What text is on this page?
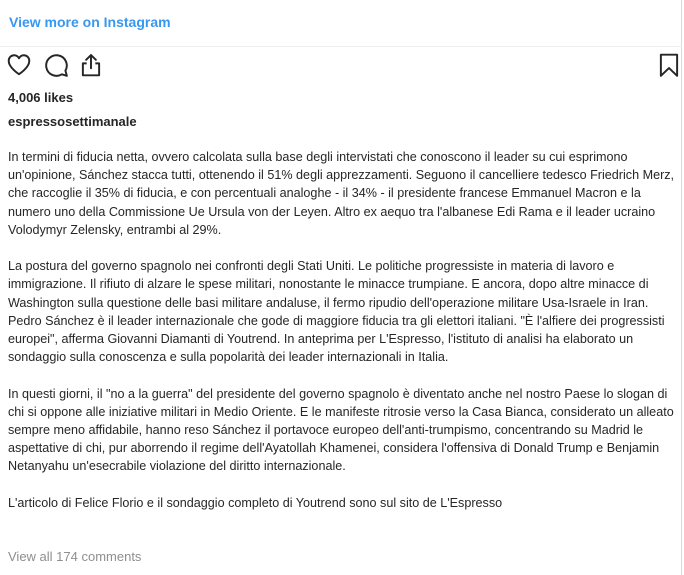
View more on Instagram
4,006 likes
espressosettimanale

In termini di fiducia netta, ovvero calcolata sulla base degli intervistati che conoscono il leader su cui esprimono un'opinione, Sánchez stacca tutti, ottenendo il 51% degli apprezzamenti. Seguono il cancelliere tedesco Friedrich Merz, che raccoglie il 35% di fiducia, e con percentuali analoghe - il 34% - il presidente francese Emmanuel Macron e la numero uno della Commissione Ue Ursula von der Leyen. Altro ex aequo tra l'albanese Edi Rama e il leader ucraino Volodymyr Zelensky, entrambi al 29%.

La postura del governo spagnolo nei confronti degli Stati Uniti. Le politiche progressiste in materia di lavoro e immigrazione. Il rifiuto di alzare le spese militari, nonostante le minacce trumpiane. E ancora, dopo altre minacce di Washington sulla questione delle basi militare andaluse, il fermo ripudio dell'operazione militare Usa-Israele in Iran. Pedro Sánchez è il leader internazionale che gode di maggiore fiducia tra gli elettori italiani. "È l'alfiere dei progressisti europei", afferma Giovanni Diamanti di Youtrend. In anteprima per L'Espresso, l'istituto di analisi ha elaborato un sondaggio sulla conoscenza e sulla popolarità dei leader internazionali in Italia.

In questi giorni, il "no a la guerra" del presidente del governo spagnolo è diventato anche nel nostro Paese lo slogan di chi si oppone alle iniziative militari in Medio Oriente. E le manifeste ritrosie verso la Casa Bianca, considerato un alleato sempre meno affidabile, hanno reso Sánchez il portavoce europeo dell'anti-trumpismo, concentrando su Madrid le aspettative di chi, pur aborrendo il regime dell'Ayatollah Khamenei, considera l'offensiva di Donald Trump e Benjamin Netanyahu un'esecrabile violazione del diritto internazionale.

L'articolo di Felice Florio e il sondaggio completo di Youtrend sono sul sito de L'Espresso

View all 174 comments
